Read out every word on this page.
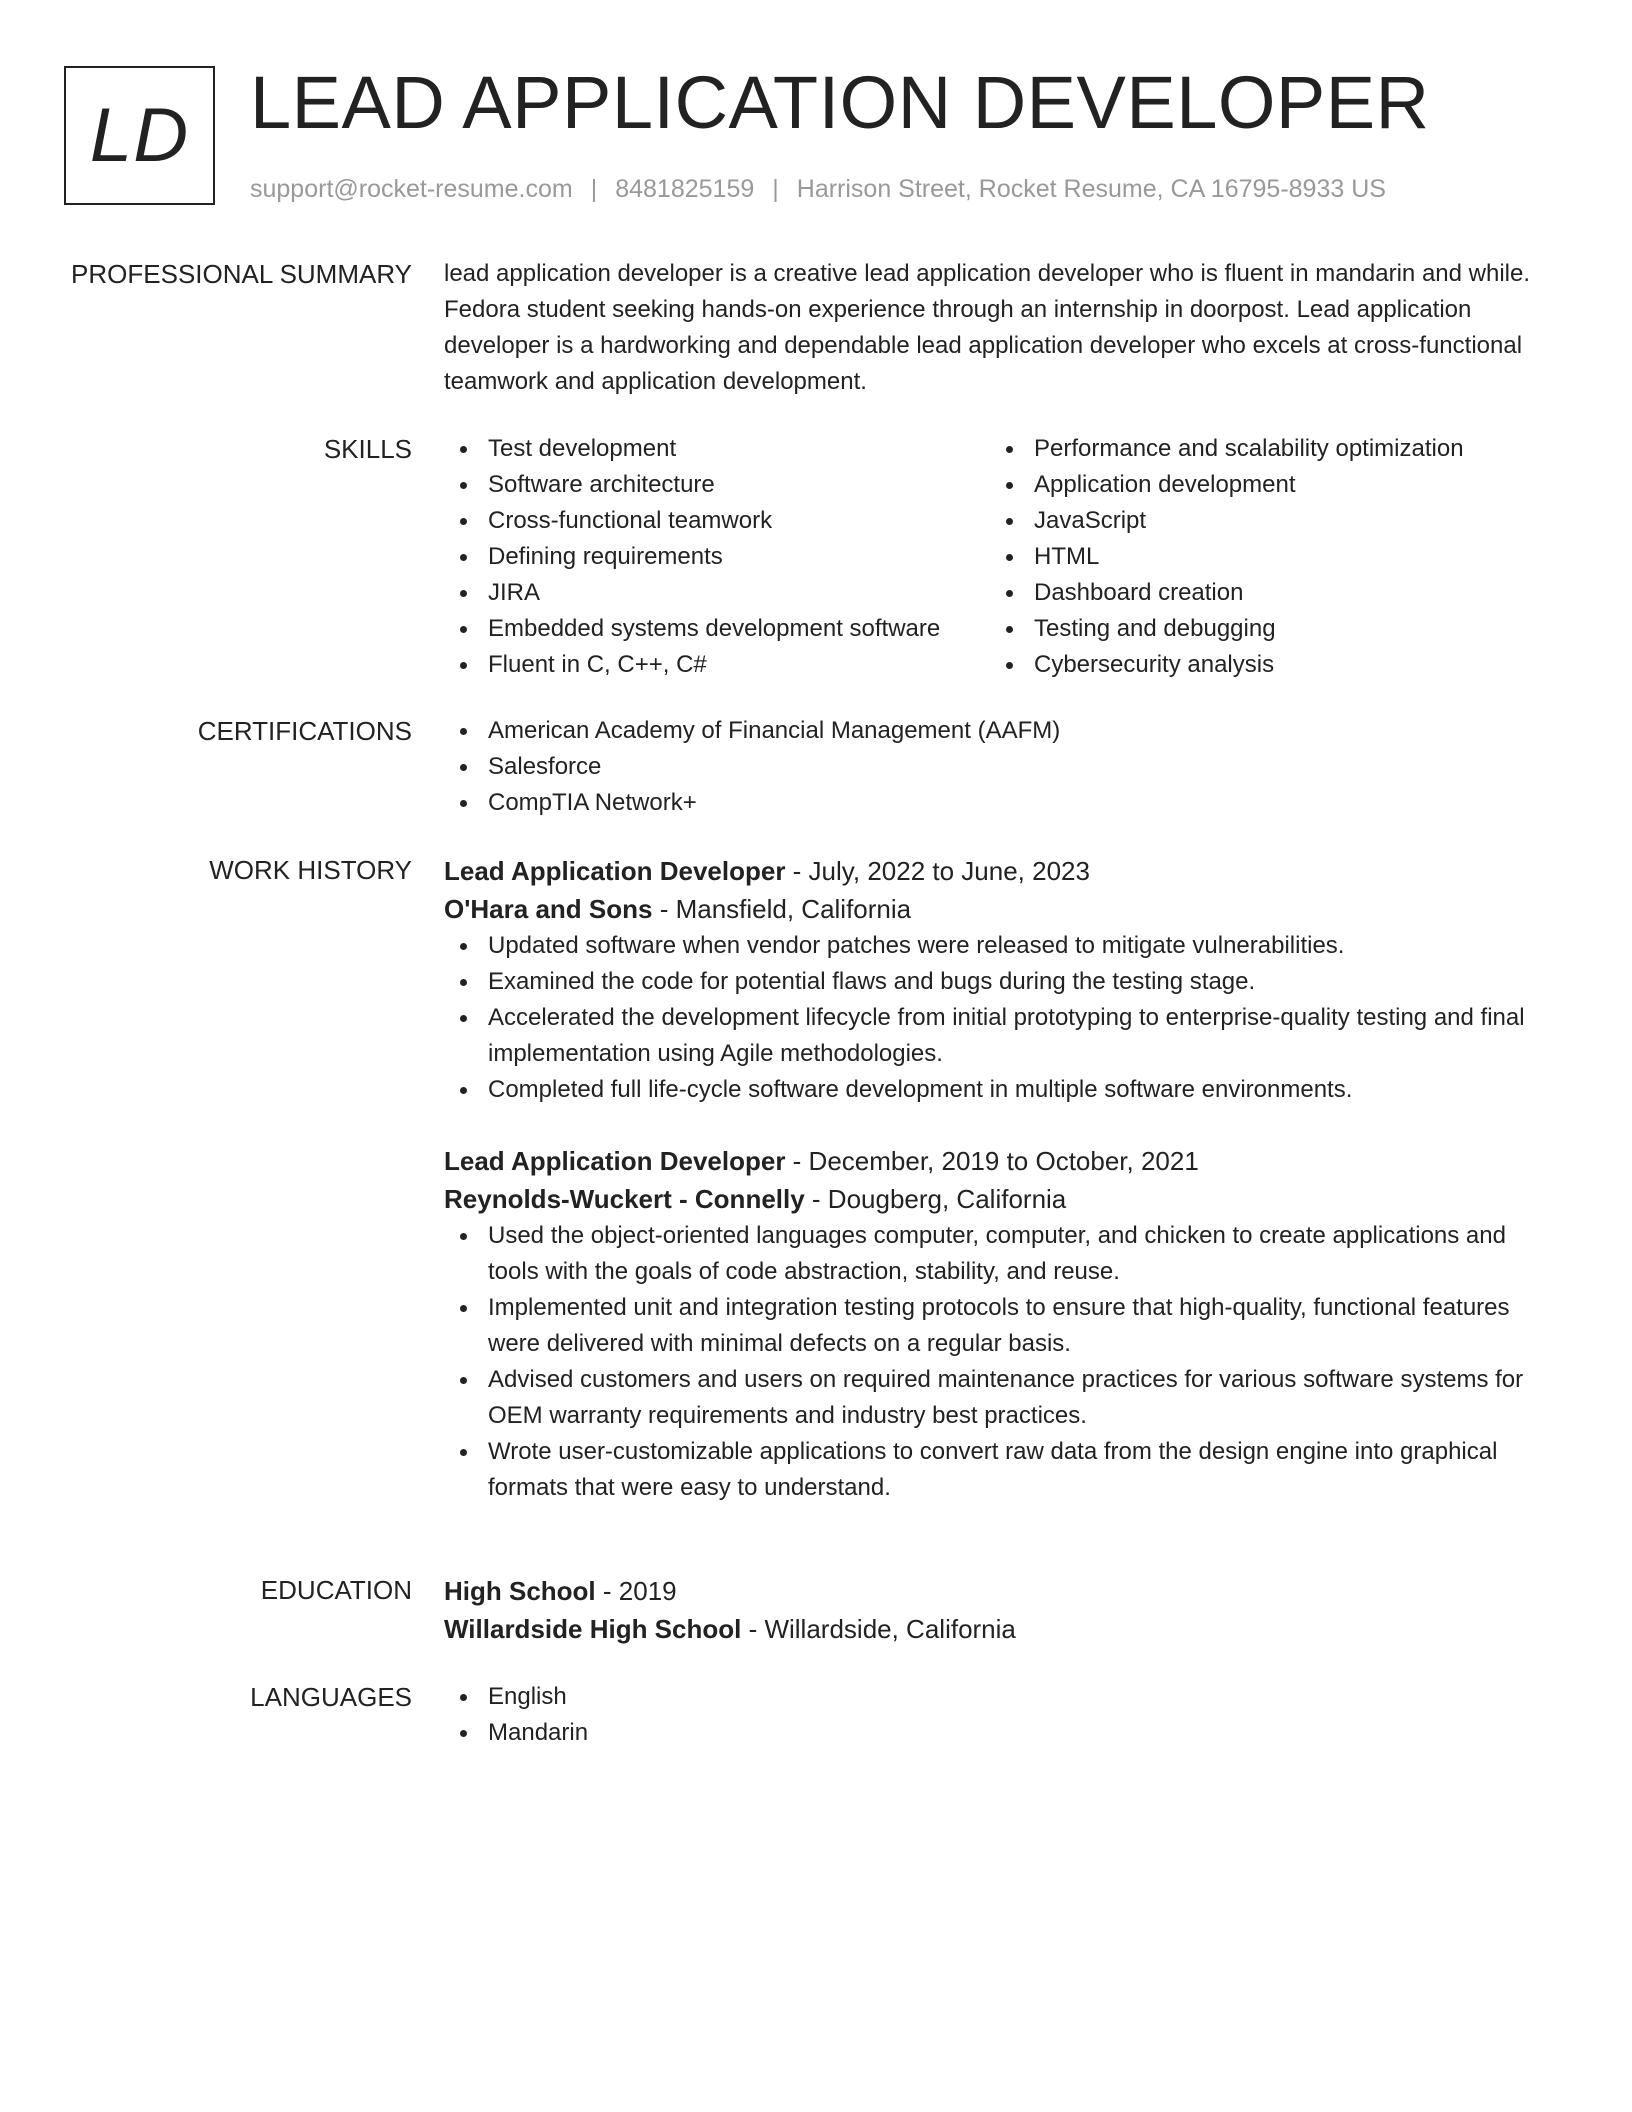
LD LEAD APPLICATION DEVELOPER
support@rocket-resume.com | 8481825159 | Harrison Street, Rocket Resume, CA 16795-8933 US
PROFESSIONAL SUMMARY lead application developer is a creative lead application developer who is fluent in mandarin and while. Fedora student seeking hands-on experience through an internship in doorpost. Lead application developer is a hardworking and dependable lead application developer who excels at cross-functional teamwork and application development.

SKILLS	Test development
Software architecture
Cross-functional teamwork
Defining requirements
JIRA
Embedded systems development software
Fluent in C, C++, C#
Performance and scalability optimization
Application development
JavaScript
HTML
Dashboard creation
Testing and debugging
Cybersecurity analysis
CERTIFICATIONS	American Academy of Financial Management (AAFM)
Salesforce
CompTIA Network+
WORK HISTORY Lead Application Developer - July, 2022 to June, 2023
O'Hara and Sons - Mansfield, California
Updated software when vendor patches were released to mitigate vulnerabilities.
Examined the code for potential flaws and bugs during the testing stage.
Accelerated the development lifecycle from initial prototyping to enterprise-quality testing and final implementation using Agile methodologies.
Completed full life-cycle software development in multiple software environments.
Lead Application Developer - December, 2019 to October, 2021
Reynolds-Wuckert - Connelly - Dougberg, California
Used the object-oriented languages computer, computer, and chicken to create applications and tools with the goals of code abstraction, stability, and reuse.
Implemented unit and integration testing protocols to ensure that high-quality, functional features were delivered with minimal defects on a regular basis.
Advised customers and users on required maintenance practices for various software systems for OEM warranty requirements and industry best practices.
Wrote user-customizable applications to convert raw data from the design engine into graphical formats that were easy to understand.
EDUCATION High School - 2019
Willardside High School - Willardside, California
LANGUAGES	English
Mandarin
